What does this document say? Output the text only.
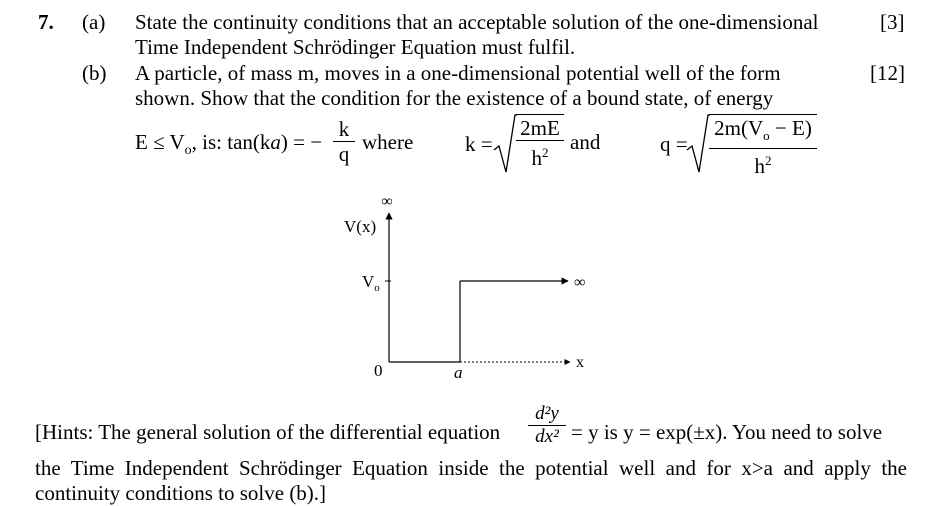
7. (a) State the continuity conditions that an acceptable solution of the one-dimensional
Time Independent Schrödinger Equation must fulfil.
[3]
(b) A particle, of mass m, moves in a one-dimensional potential well of the form
shown. Show that the condition for the existence of a bound state, of energy
[12]
$E \le V_o$, is: tan(ka) = −
k
q where k =
2mE
$h^2$	and	q =
$2m(V_o - E)$
$h^2$
∞
V(x)
$V_o$
0
∞
x
a
[Hints: The general solution of the differential equation
d²y
dx² = y is y = exp(±x). You need to solve
the Time Independent Schrödinger Equation inside the potential well and for x>a and apply the
continuity conditions to solve (b).]
